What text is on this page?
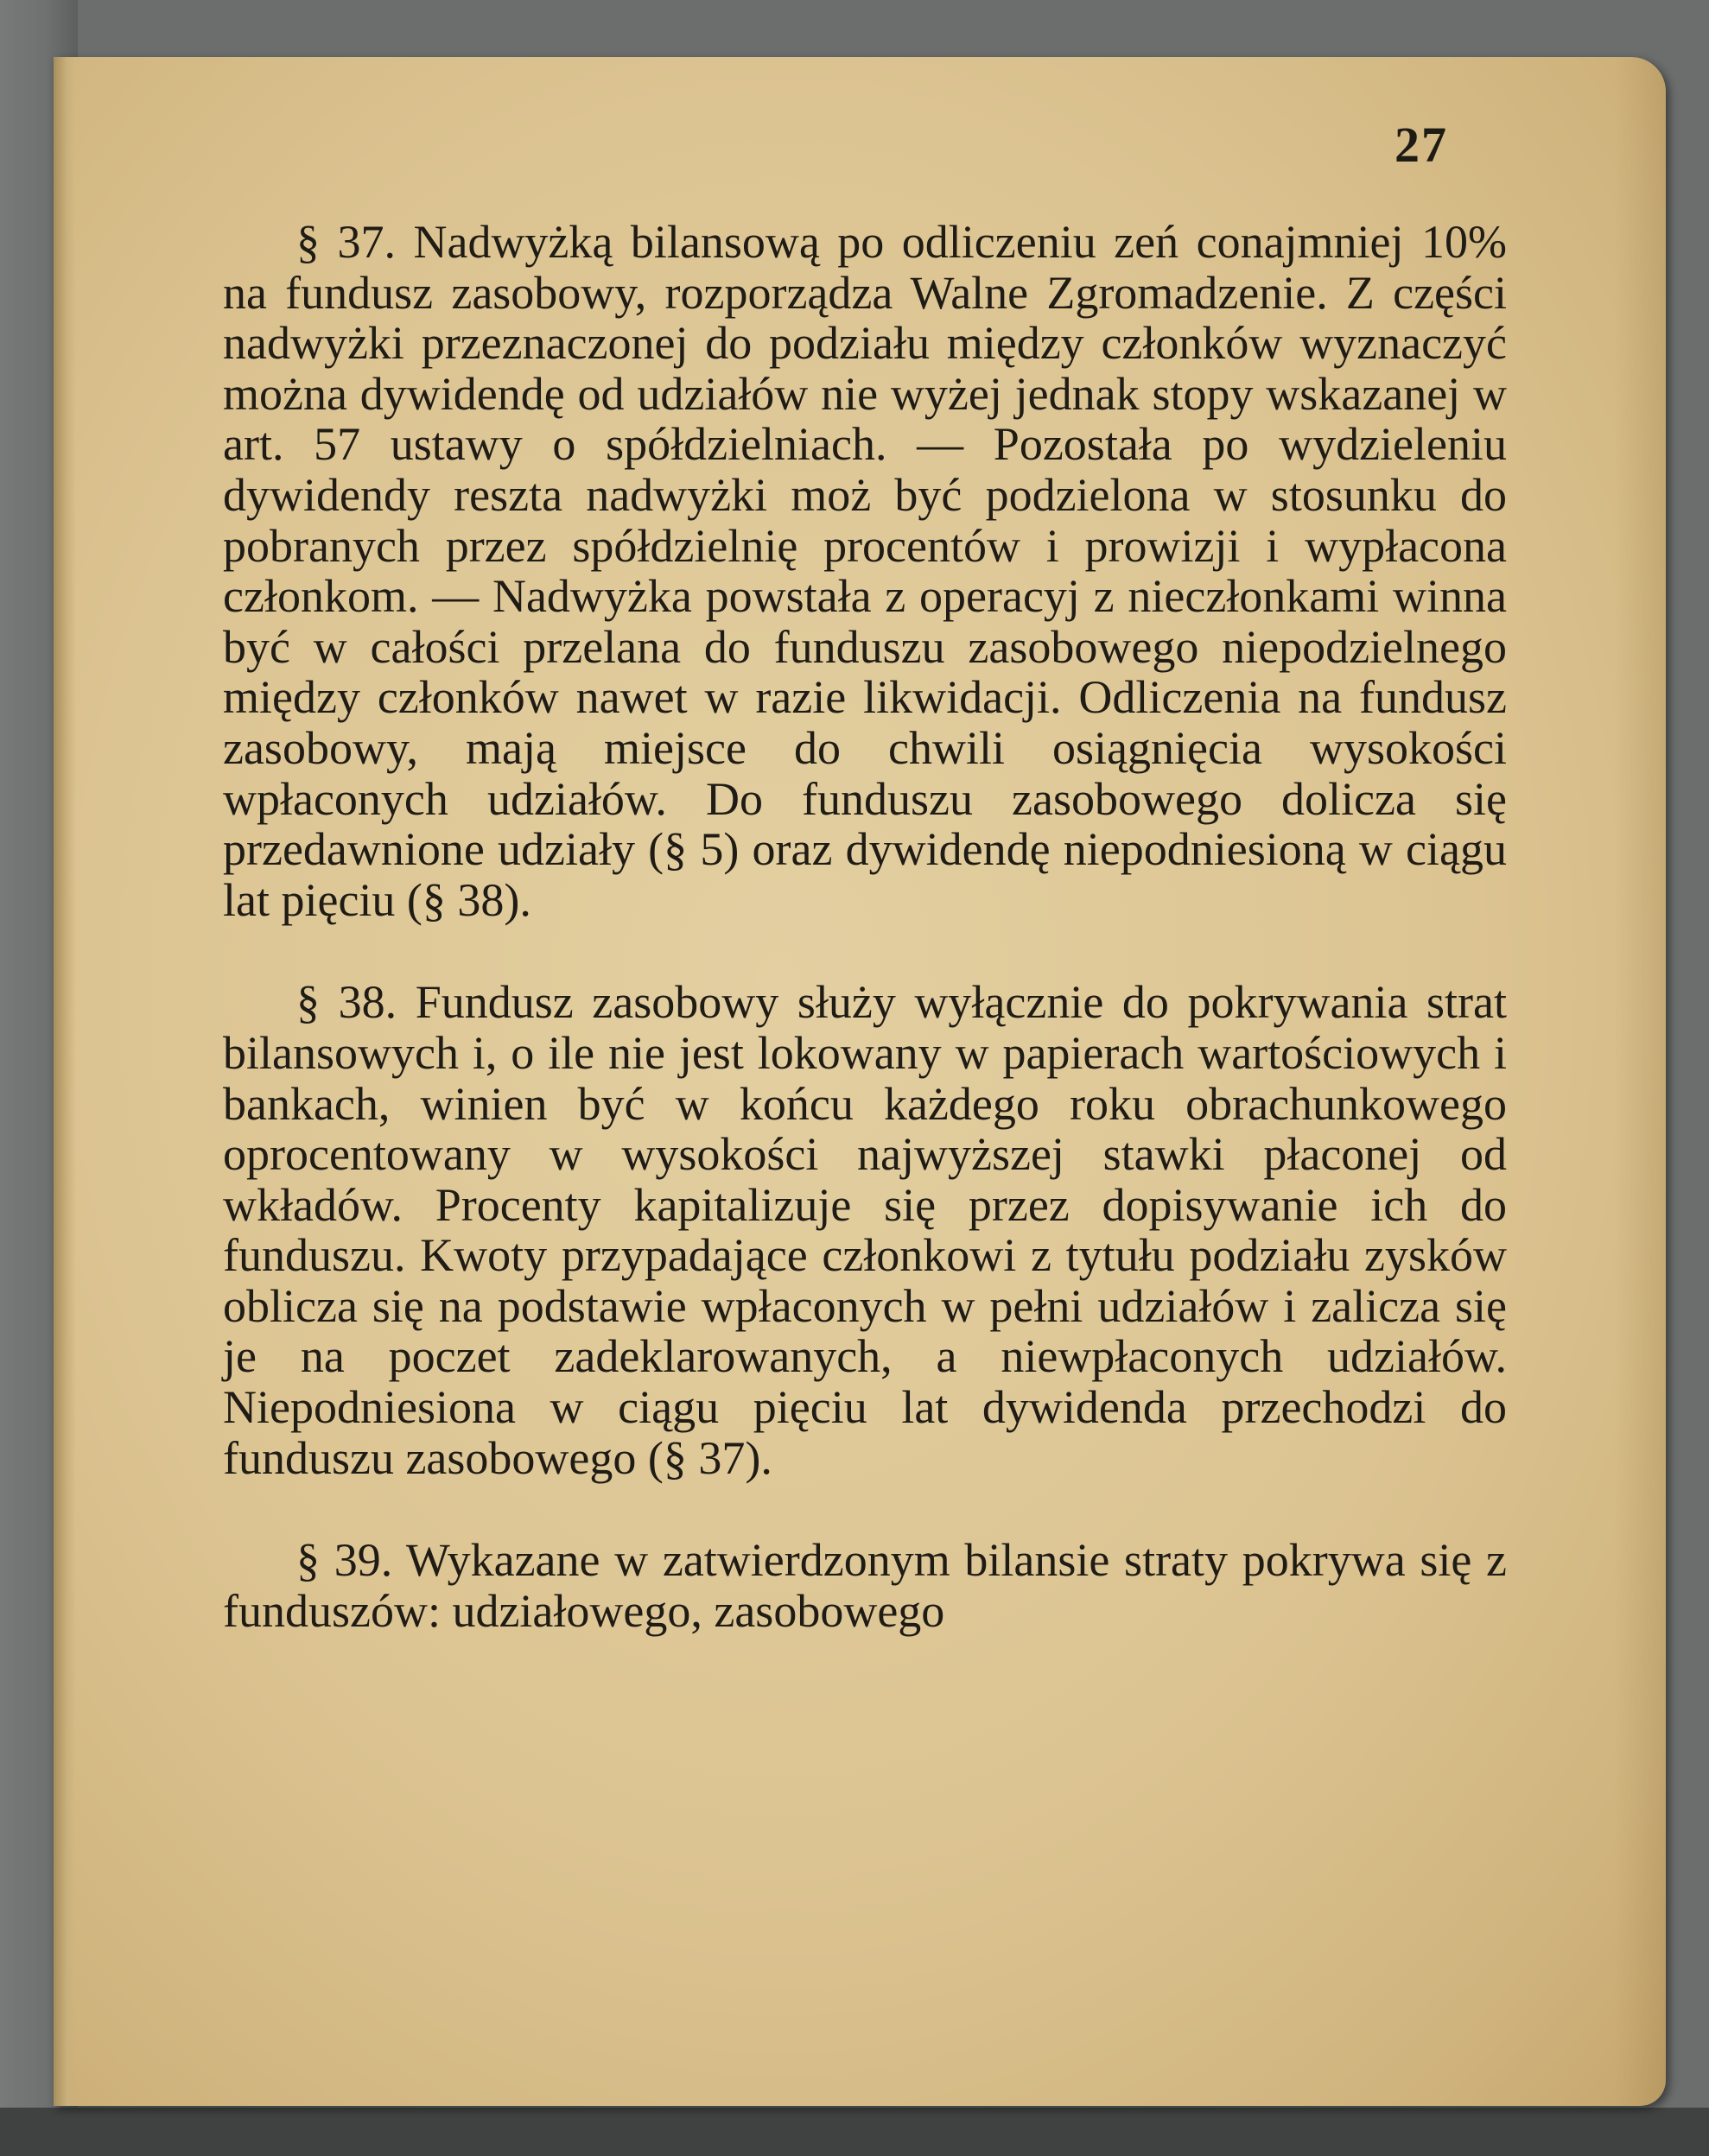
27

§ 37. Nadwyżką bilansową po odliczeniu zeń conajmniej 10% na fundusz zasobowy, rozporządza Walne Zgromadzenie. Z części nadwyżki przeznaczonej do podziału między członków wyznaczyć można dywidendę od udziałów nie wyżej jednak stopy wskazanej w art. 57 ustawy o spółdzielniach. — Pozostała po wydzieleniu dywidendy reszta nadwyżki moż być podzielona w stosunku do pobranych przez spółdzielnię procentów i prowizji i wypłacona członkom. — Nadwyżka powstała z operacyj z nieczłonkami winna być w całości przelana do funduszu zasobowego niepodzielnego między członków nawet w razie likwidacji. Odliczenia na fundusz zasobowy, mają miejsce do chwili osiągnięcia wysokości wpłaconych udziałów. Do funduszu zasobowego dolicza się przedawnione udziały (§ 5) oraz dywidendę niepodniesioną w ciągu lat pięciu (§ 38).

§ 38. Fundusz zasobowy służy wyłącznie do pokrywania strat bilansowych i, o ile nie jest lokowany w papierach wartościowych i bankach, winien być w końcu każdego roku obrachunkowego oprocentowany w wysokości najwyższej stawki płaconej od wkładów. Procenty kapitalizuje się przez dopisywanie ich do funduszu. Kwoty przypadające członkowi z tytułu podziału zysków oblicza się na podstawie wpłaconych w pełni udziałów i zalicza się je na poczet zadeklarowanych, a niewpłaconych udziałów. Niepodniesiona w ciągu pięciu lat dywidenda przechodzi do funduszu zasobowego (§ 37).

§ 39. Wykazane w zatwierdzonym bilansie straty pokrywa się z funduszów: udziałowego, zasobowego
